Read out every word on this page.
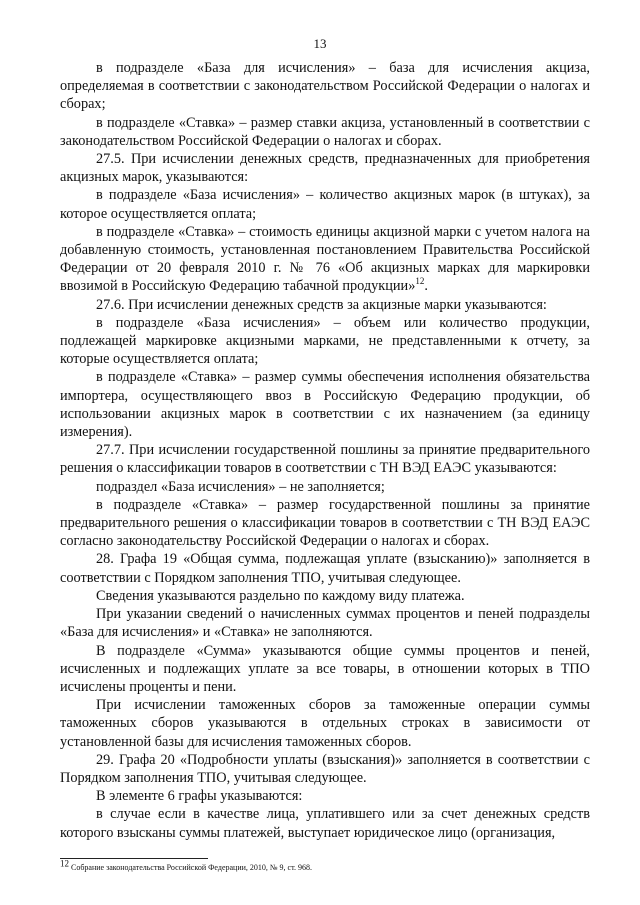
13

в подразделе «База для исчисления» – база для исчисления акциза, определяемая в соответствии с законодательством Российской Федерации о налогах и сборах;

в подразделе «Ставка» – размер ставки акциза, установленный в соответствии с законодательством Российской Федерации о налогах и сборах.

27.5. При исчислении денежных средств, предназначенных для приобретения акцизных марок, указываются:

в подразделе «База исчисления» – количество акцизных марок (в штуках), за которое осуществляется оплата;

в подразделе «Ставка» – стоимость единицы акцизной марки с учетом налога на добавленную стоимость, установленная постановлением Правительства Российской Федерации от 20 февраля 2010 г. № 76 «Об акцизных марках для маркировки ввозимой в Российскую Федерацию табачной продукции»$^{12}$.

27.6. При исчислении денежных средств за акцизные марки указываются:

в подразделе «База исчисления» – объем или количество продукции, подлежащей маркировке акцизными марками, не представленными к отчету, за которые осуществляется оплата;

в подразделе «Ставка» – размер суммы обеспечения исполнения обязательства импортера, осуществляющего ввоз в Российскую Федерацию продукции, об использовании акцизных марок в соответствии с их назначением (за единицу измерения).

27.7. При исчислении государственной пошлины за принятие предварительного решения о классификации товаров в соответствии с ТН ВЭД ЕАЭС указываются:

подраздел «База исчисления» – не заполняется;

в подразделе «Ставка» – размер государственной пошлины за принятие предварительного решения о классификации товаров в соответствии с ТН ВЭД ЕАЭС согласно законодательству Российской Федерации о налогах и сборах.

28. Графа 19 «Общая сумма, подлежащая уплате (взысканию)» заполняется в соответствии с Порядком заполнения ТПО, учитывая следующее.

Сведения указываются раздельно по каждому виду платежа.

При указании сведений о начисленных суммах процентов и пеней подразделы «База для исчисления» и «Ставка» не заполняются.

В подразделе «Сумма» указываются общие суммы процентов и пеней, исчисленных и подлежащих уплате за все товары, в отношении которых в ТПО исчислены проценты и пени.

При исчислении таможенных сборов за таможенные операции суммы таможенных сборов указываются в отдельных строках в зависимости от установленной базы для исчисления таможенных сборов.

29. Графа 20 «Подробности уплаты (взыскания)» заполняется в соответствии с Порядком заполнения ТПО, учитывая следующее.

В элементе 6 графы указываются:

в случае если в качестве лица, уплатившего или за счет денежных средств которого взысканы суммы платежей, выступает юридическое лицо (организация,

$^{12}$ Собрание законодательства Российской Федерации, 2010, № 9, ст. 968.
